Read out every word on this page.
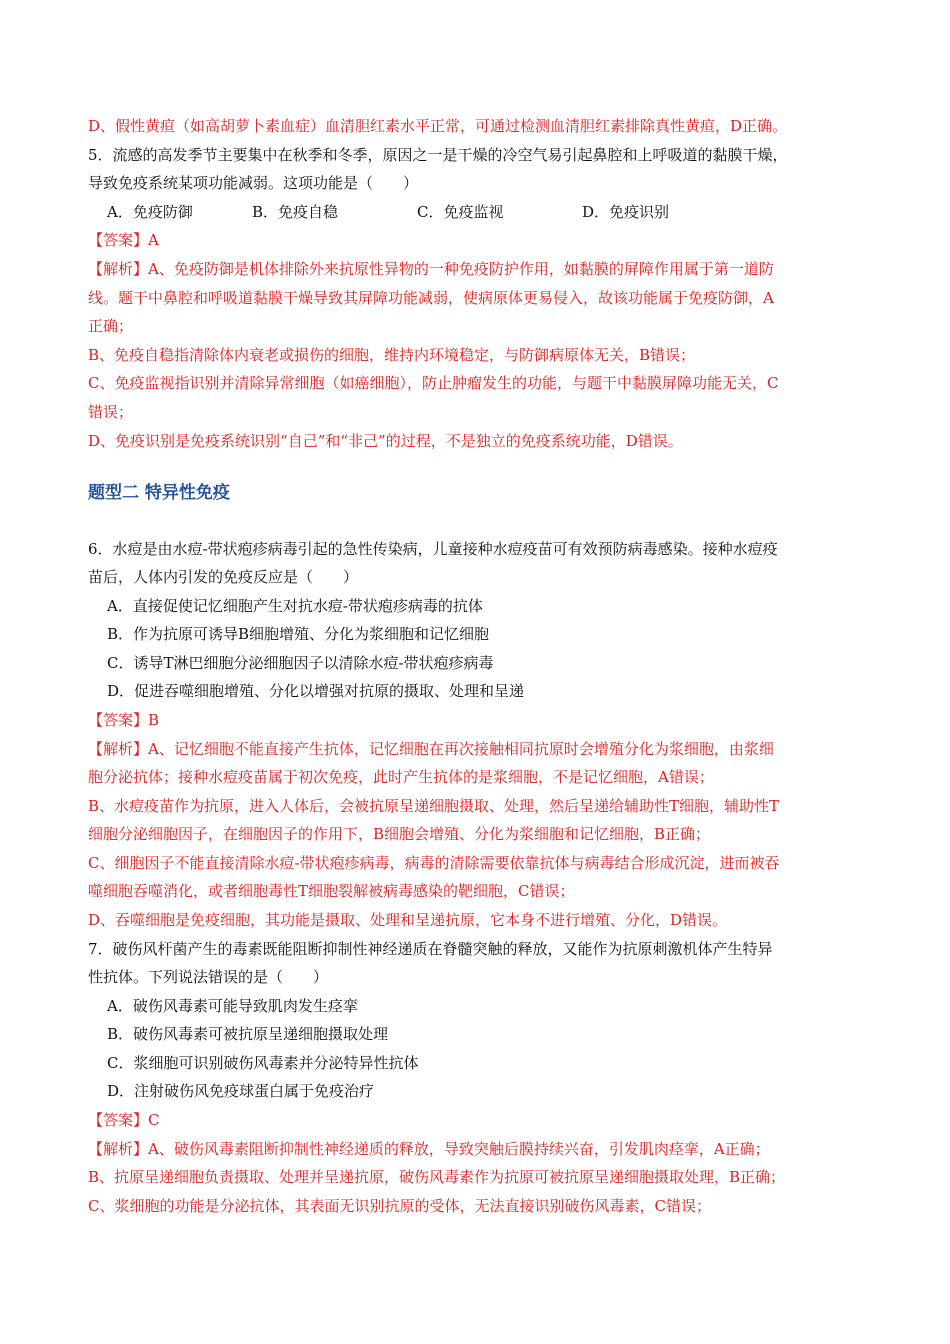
D、假性黄疸（如高胡萝卜素血症）血清胆红素水平正常，可通过检测血清胆红素排除真性黄疸，D正确。
5．流感的高发季节主要集中在秋季和冬季，原因之一是干燥的冷空气易引起鼻腔和上呼吸道的黏膜干燥，
导致免疫系统某项功能减弱。这项功能是（　　）
A．免疫防御	B．免疫自稳	C．免疫监视	D．免疫识别
【答案】A
【解析】A、免疫防御是机体排除外来抗原性异物的一种免疫防护作用，如黏膜的屏障作用属于第一道防
线。题干中鼻腔和呼吸道黏膜干燥导致其屏障功能减弱，使病原体更易侵入，故该功能属于免疫防御，A
正确；
B、免疫自稳指清除体内衰老或损伤的细胞，维持内环境稳定，与防御病原体无关，B错误；
C、免疫监视指识别并清除异常细胞（如癌细胞），防止肿瘤发生的功能，与题干中黏膜屏障功能无关，C
错误；
D、免疫识别是免疫系统识别“自己”和“非己”的过程，不是独立的免疫系统功能，D错误。
题型二 特异性免疫
6．水痘是由水痘-带状疱疹病毒引起的急性传染病，儿童接种水痘疫苗可有效预防病毒感染。接种水痘疫
苗后，人体内引发的免疫反应是（　　）
A．直接促使记忆细胞产生对抗水痘-带状疱疹病毒的抗体
B．作为抗原可诱导B细胞增殖、分化为浆细胞和记忆细胞
C．诱导T淋巴细胞分泌细胞因子以清除水痘-带状疱疹病毒
D．促进吞噬细胞增殖、分化以增强对抗原的摄取、处理和呈递
【答案】B
【解析】A、记忆细胞不能直接产生抗体，记忆细胞在再次接触相同抗原时会增殖分化为浆细胞，由浆细
胞分泌抗体；接种水痘疫苗属于初次免疫，此时产生抗体的是浆细胞，不是记忆细胞，A错误；
B、水痘疫苗作为抗原，进入人体后，会被抗原呈递细胞摄取、处理，然后呈递给辅助性T细胞，辅助性T
细胞分泌细胞因子，在细胞因子的作用下，B细胞会增殖、分化为浆细胞和记忆细胞，B正确；
C、细胞因子不能直接清除水痘-带状疱疹病毒，病毒的清除需要依靠抗体与病毒结合形成沉淀，进而被吞
噬细胞吞噬消化，或者细胞毒性T细胞裂解被病毒感染的靶细胞，C错误；
D、吞噬细胞是免疫细胞，其功能是摄取、处理和呈递抗原，它本身不进行增殖、分化，D错误。
7．破伤风杆菌产生的毒素既能阻断抑制性神经递质在脊髓突触的释放，又能作为抗原刺激机体产生特异
性抗体。下列说法错误的是（　　）
A．破伤风毒素可能导致肌肉发生痉挛
B．破伤风毒素可被抗原呈递细胞摄取处理
C．浆细胞可识别破伤风毒素并分泌特异性抗体
D．注射破伤风免疫球蛋白属于免疫治疗
【答案】C
【解析】A、破伤风毒素阻断抑制性神经递质的释放，导致突触后膜持续兴奋，引发肌肉痉挛，A正确；
B、抗原呈递细胞负责摄取、处理并呈递抗原，破伤风毒素作为抗原可被抗原呈递细胞摄取处理，B正确；
C、浆细胞的功能是分泌抗体，其表面无识别抗原的受体，无法直接识别破伤风毒素，C错误；
